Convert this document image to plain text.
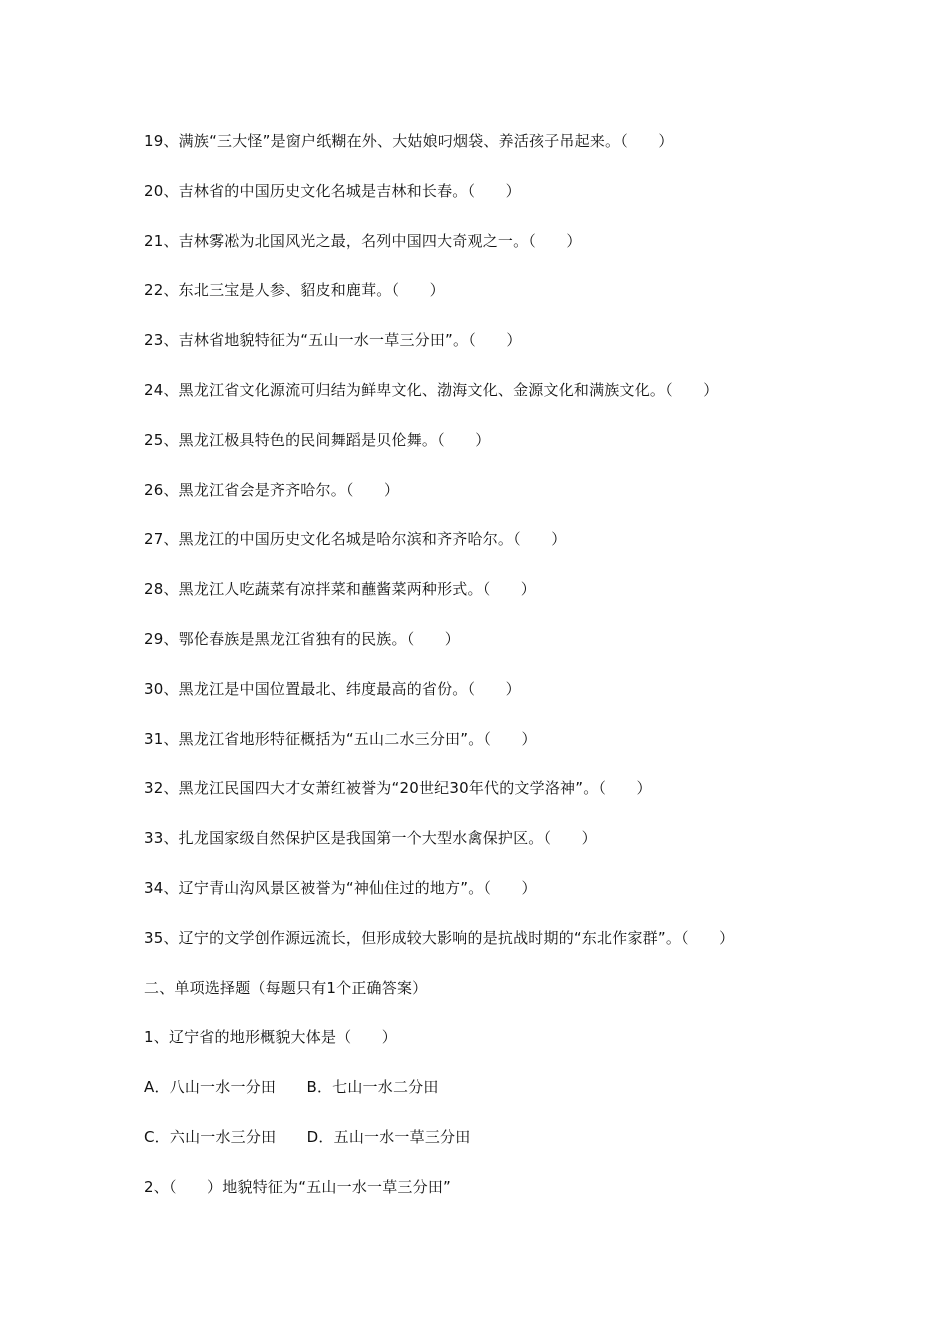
19、满族“三大怪”是窗户纸糊在外、大姑娘叼烟袋、养活孩子吊起来。（　　）
20、吉林省的中国历史文化名城是吉林和长春。（　　）
21、吉林雾凇为北国风光之最，名列中国四大奇观之一。（　　）
22、东北三宝是人参、貂皮和鹿茸。（　　）
23、吉林省地貌特征为“五山一水一草三分田”。（　　）
24、黑龙江省文化源流可归结为鲜卑文化、渤海文化、金源文化和满族文化。（　　）
25、黑龙江极具特色的民间舞蹈是贝伦舞。（　　）
26、黑龙江省会是齐齐哈尔。（　　）
27、黑龙江的中国历史文化名城是哈尔滨和齐齐哈尔。（　　）
28、黑龙江人吃蔬菜有凉拌菜和蘸酱菜两种形式。（　　）
29、鄂伦春族是黑龙江省独有的民族。（　　）
30、黑龙江是中国位置最北、纬度最高的省份。（　　）
31、黑龙江省地形特征概括为“五山二水三分田”。（　　）
32、黑龙江民国四大才女萧红被誉为“20世纪30年代的文学洛神”。（　　）
33、扎龙国家级自然保护区是我国第一个大型水禽保护区。（　　）
34、辽宁青山沟风景区被誉为“神仙住过的地方”。（　　）
35、辽宁的文学创作源远流长，但形成较大影响的是抗战时期的“东北作家群”。（　　）
二、单项选择题（每题只有1个正确答案）
1、辽宁省的地形概貌大体是（　　）
A．八山一水一分田　　B．七山一水二分田
C．六山一水三分田　　D．五山一水一草三分田
2、（　　）地貌特征为“五山一水一草三分田”
